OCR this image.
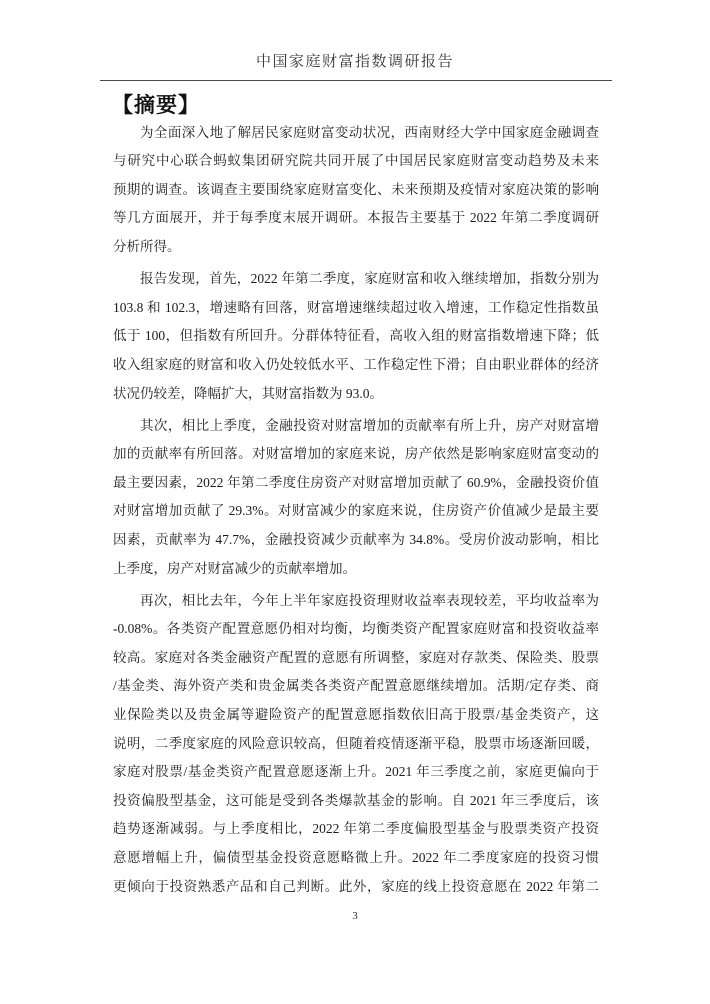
中国家庭财富指数调研报告
【摘要】
为全面深入地了解居民家庭财富变动状况，西南财经大学中国家庭金融调查
与研究中心联合蚂蚁集团研究院共同开展了中国居民家庭财富变动趋势及未来
预期的调查。该调查主要围绕家庭财富变化、未来预期及疫情对家庭决策的影响
等几方面展开，并于每季度末展开调研。本报告主要基于 2022 年第二季度调研
分析所得。
报告发现，首先，2022 年第二季度，家庭财富和收入继续增加，指数分别为
103.8 和 102.3，增速略有回落，财富增速继续超过收入增速，工作稳定性指数虽
低于 100，但指数有所回升。分群体特征看，高收入组的财富指数增速下降；低
收入组家庭的财富和收入仍处较低水平、工作稳定性下滑；自由职业群体的经济
状况仍较差，降幅扩大，其财富指数为 93.0。
其次，相比上季度，金融投资对财富增加的贡献率有所上升，房产对财富增
加的贡献率有所回落。对财富增加的家庭来说，房产依然是影响家庭财富变动的
最主要因素，2022 年第二季度住房资产对财富增加贡献了 60.9%，金融投资价值
对财富增加贡献了 29.3%。对财富减少的家庭来说，住房资产价值减少是最主要
因素，贡献率为 47.7%，金融投资减少贡献率为 34.8%。受房价波动影响，相比
上季度，房产对财富减少的贡献率增加。
再次，相比去年，今年上半年家庭投资理财收益率表现较差，平均收益率为
-0.08%。各类资产配置意愿仍相对均衡，均衡类资产配置家庭财富和投资收益率
较高。家庭对各类金融资产配置的意愿有所调整，家庭对存款类、保险类、股票
/基金类、海外资产类和贵金属类各类资产配置意愿继续增加。活期/定存类、商
业保险类以及贵金属等避险资产的配置意愿指数依旧高于股票/基金类资产，这
说明，二季度家庭的风险意识较高，但随着疫情逐渐平稳，股票市场逐渐回暖，
家庭对股票/基金类资产配置意愿逐渐上升。2021 年三季度之前，家庭更偏向于
投资偏股型基金，这可能是受到各类爆款基金的影响。自 2021 年三季度后，该
趋势逐渐减弱。与上季度相比，2022 年第二季度偏股型基金与股票类资产投资
意愿增幅上升，偏债型基金投资意愿略微上升。2022 年二季度家庭的投资习惯
更倾向于投资熟悉产品和自己判断。此外，家庭的线上投资意愿在 2022 年第二
3
